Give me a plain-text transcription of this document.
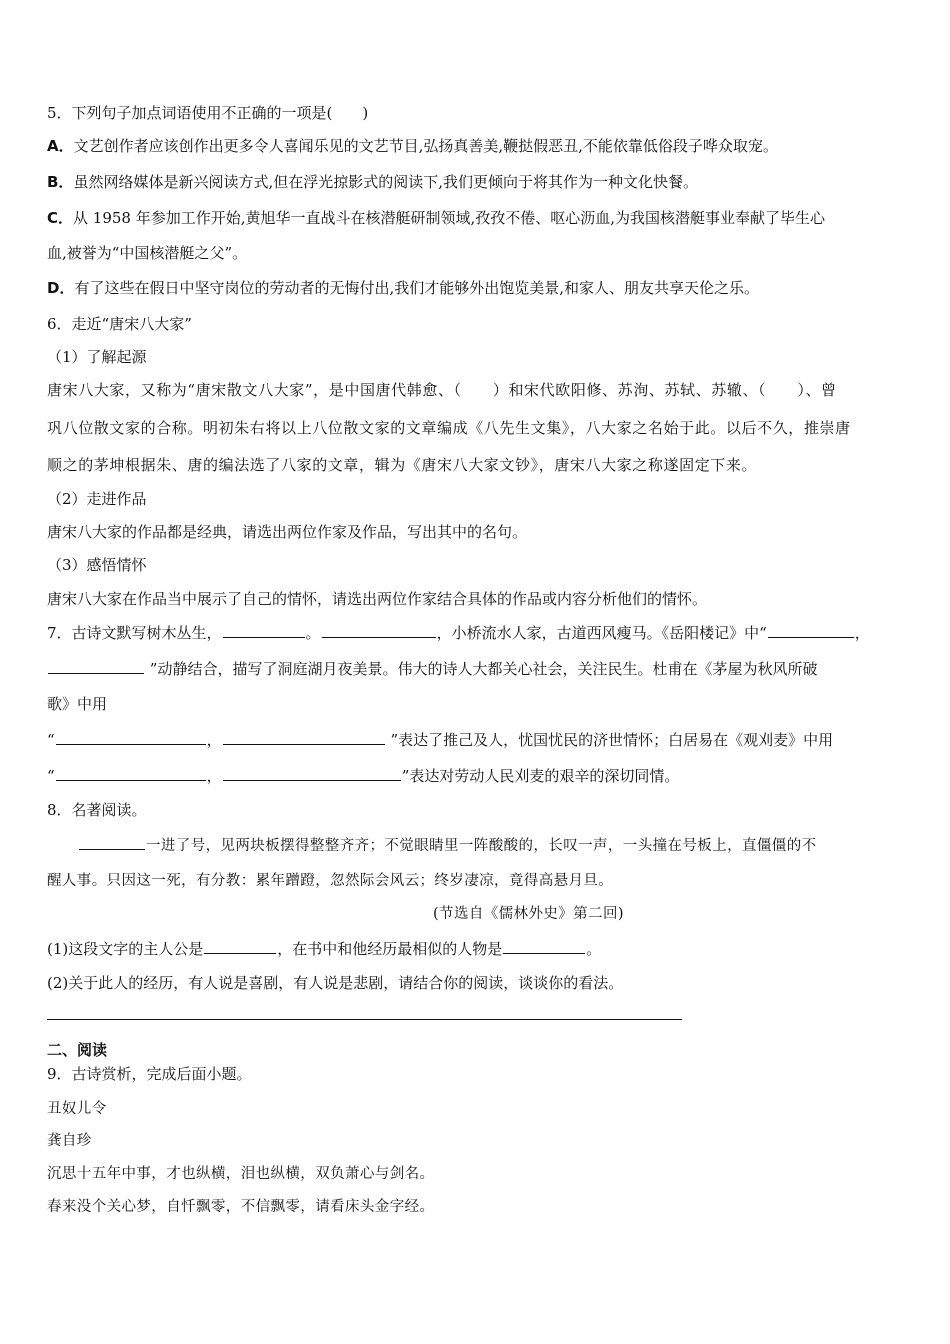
5．下列句子加点词语使用不正确的一项是(　　)
A．文艺创作者应该创作出更多令人喜闻乐见的文艺节目,弘扬真善美,鞭挞假恶丑,不能依靠低俗段子哗众取宠。
B．虽然网络媒体是新兴阅读方式,但在浮光掠影式的阅读下,我们更倾向于将其作为一种文化快餐。
C．从 1958 年参加工作开始,黄旭华一直战斗在核潜艇研制领域,孜孜不倦、呕心沥血,为我国核潜艇事业奉献了毕生心
血,被誉为“中国核潜艇之父”。
D．有了这些在假日中坚守岗位的劳动者的无悔付出,我们才能够外出饱览美景,和家人、朋友共享天伦之乐。
6．走近“唐宋八大家”
（1）了解起源
唐宋八大家，又称为“唐宋散文八大家”，是中国唐代韩愈、（　　）和宋代欧阳修、苏洵、苏轼、苏辙、（　　）、曾
巩八位散文家的合称。明初朱右将以上八位散文家的文章编成《八先生文集》，八大家之名始于此。以后不久，推崇唐
顺之的茅坤根据朱、唐的编法选了八家的文章，辑为《唐宋八大家文钞》，唐宋八大家之称遂固定下来。
（2）走进作品
唐宋八大家的作品都是经典，请选出两位作家及作品，写出其中的名句。
（3）感悟情怀
唐宋八大家在作品当中展示了自己的情怀，请选出两位作家结合具体的作品或内容分析他们的情怀。
7．古诗文默写树木丛生，	。	，小桥流水人家，古道西风瘦马。《岳阳楼记》中“	，
”动静结合，描写了洞庭湖月夜美景。伟大的诗人大都关心社会，关注民生。杜甫在《茅屋为秋风所破
歌》中用
“	，	”表达了推己及人，忧国忧民的济世情怀；白居易在《观刈麦》中用
“	，	”表达对劳动人民刈麦的艰辛的深切同情。
8．名著阅读。
一进了号，见两块板摆得整整齐齐；不觉眼睛里一阵酸酸的，长叹一声，一头撞在号板上，直僵僵的不
醒人事。只因这一死，有分教：累年蹭蹬，忽然际会风云；终岁凄凉，竟得高悬月旦。
(节选自《儒林外史》第二回)
(1)这段文字的主人公是	，在书中和他经历最相似的人物是	。
(2)关于此人的经历，有人说是喜剧，有人说是悲剧，请结合你的阅读，谈谈你的看法。
二、阅读
9．古诗赏析，完成后面小题。
丑奴儿令
龚自珍
沉思十五年中事，才也纵横，泪也纵横，双负萧心与剑名。
春来没个关心梦，自忏飘零，不信飘零，请看床头金字经。
